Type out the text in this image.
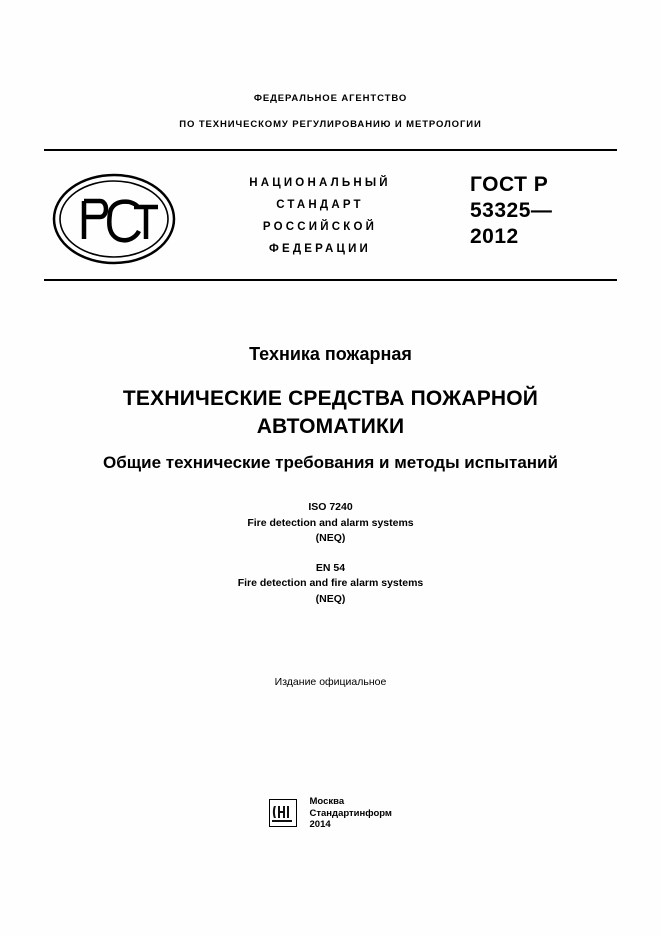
ФЕДЕРАЛЬНОЕ АГЕНТСТВО
ПО ТЕХНИЧЕСКОМУ РЕГУЛИРОВАНИЮ И МЕТРОЛОГИИ
НАЦИОНАЛЬНЫЙ
СТАНДАРТ
РОССИЙСКОЙ
ФЕДЕРАЦИИ
ГОСТ Р
53325—
2012
Техника пожарная
ТЕХНИЧЕСКИЕ СРЕДСТВА ПОЖАРНОЙ
АВТОМАТИКИ
Общие технические требования и методы испытаний
ISO 7240
Fire detection and alarm systems
(NEQ)
EN 54
Fire detection and fire alarm systems
(NEQ)
Издание официальное

Москва
Стандартинформ
2014
